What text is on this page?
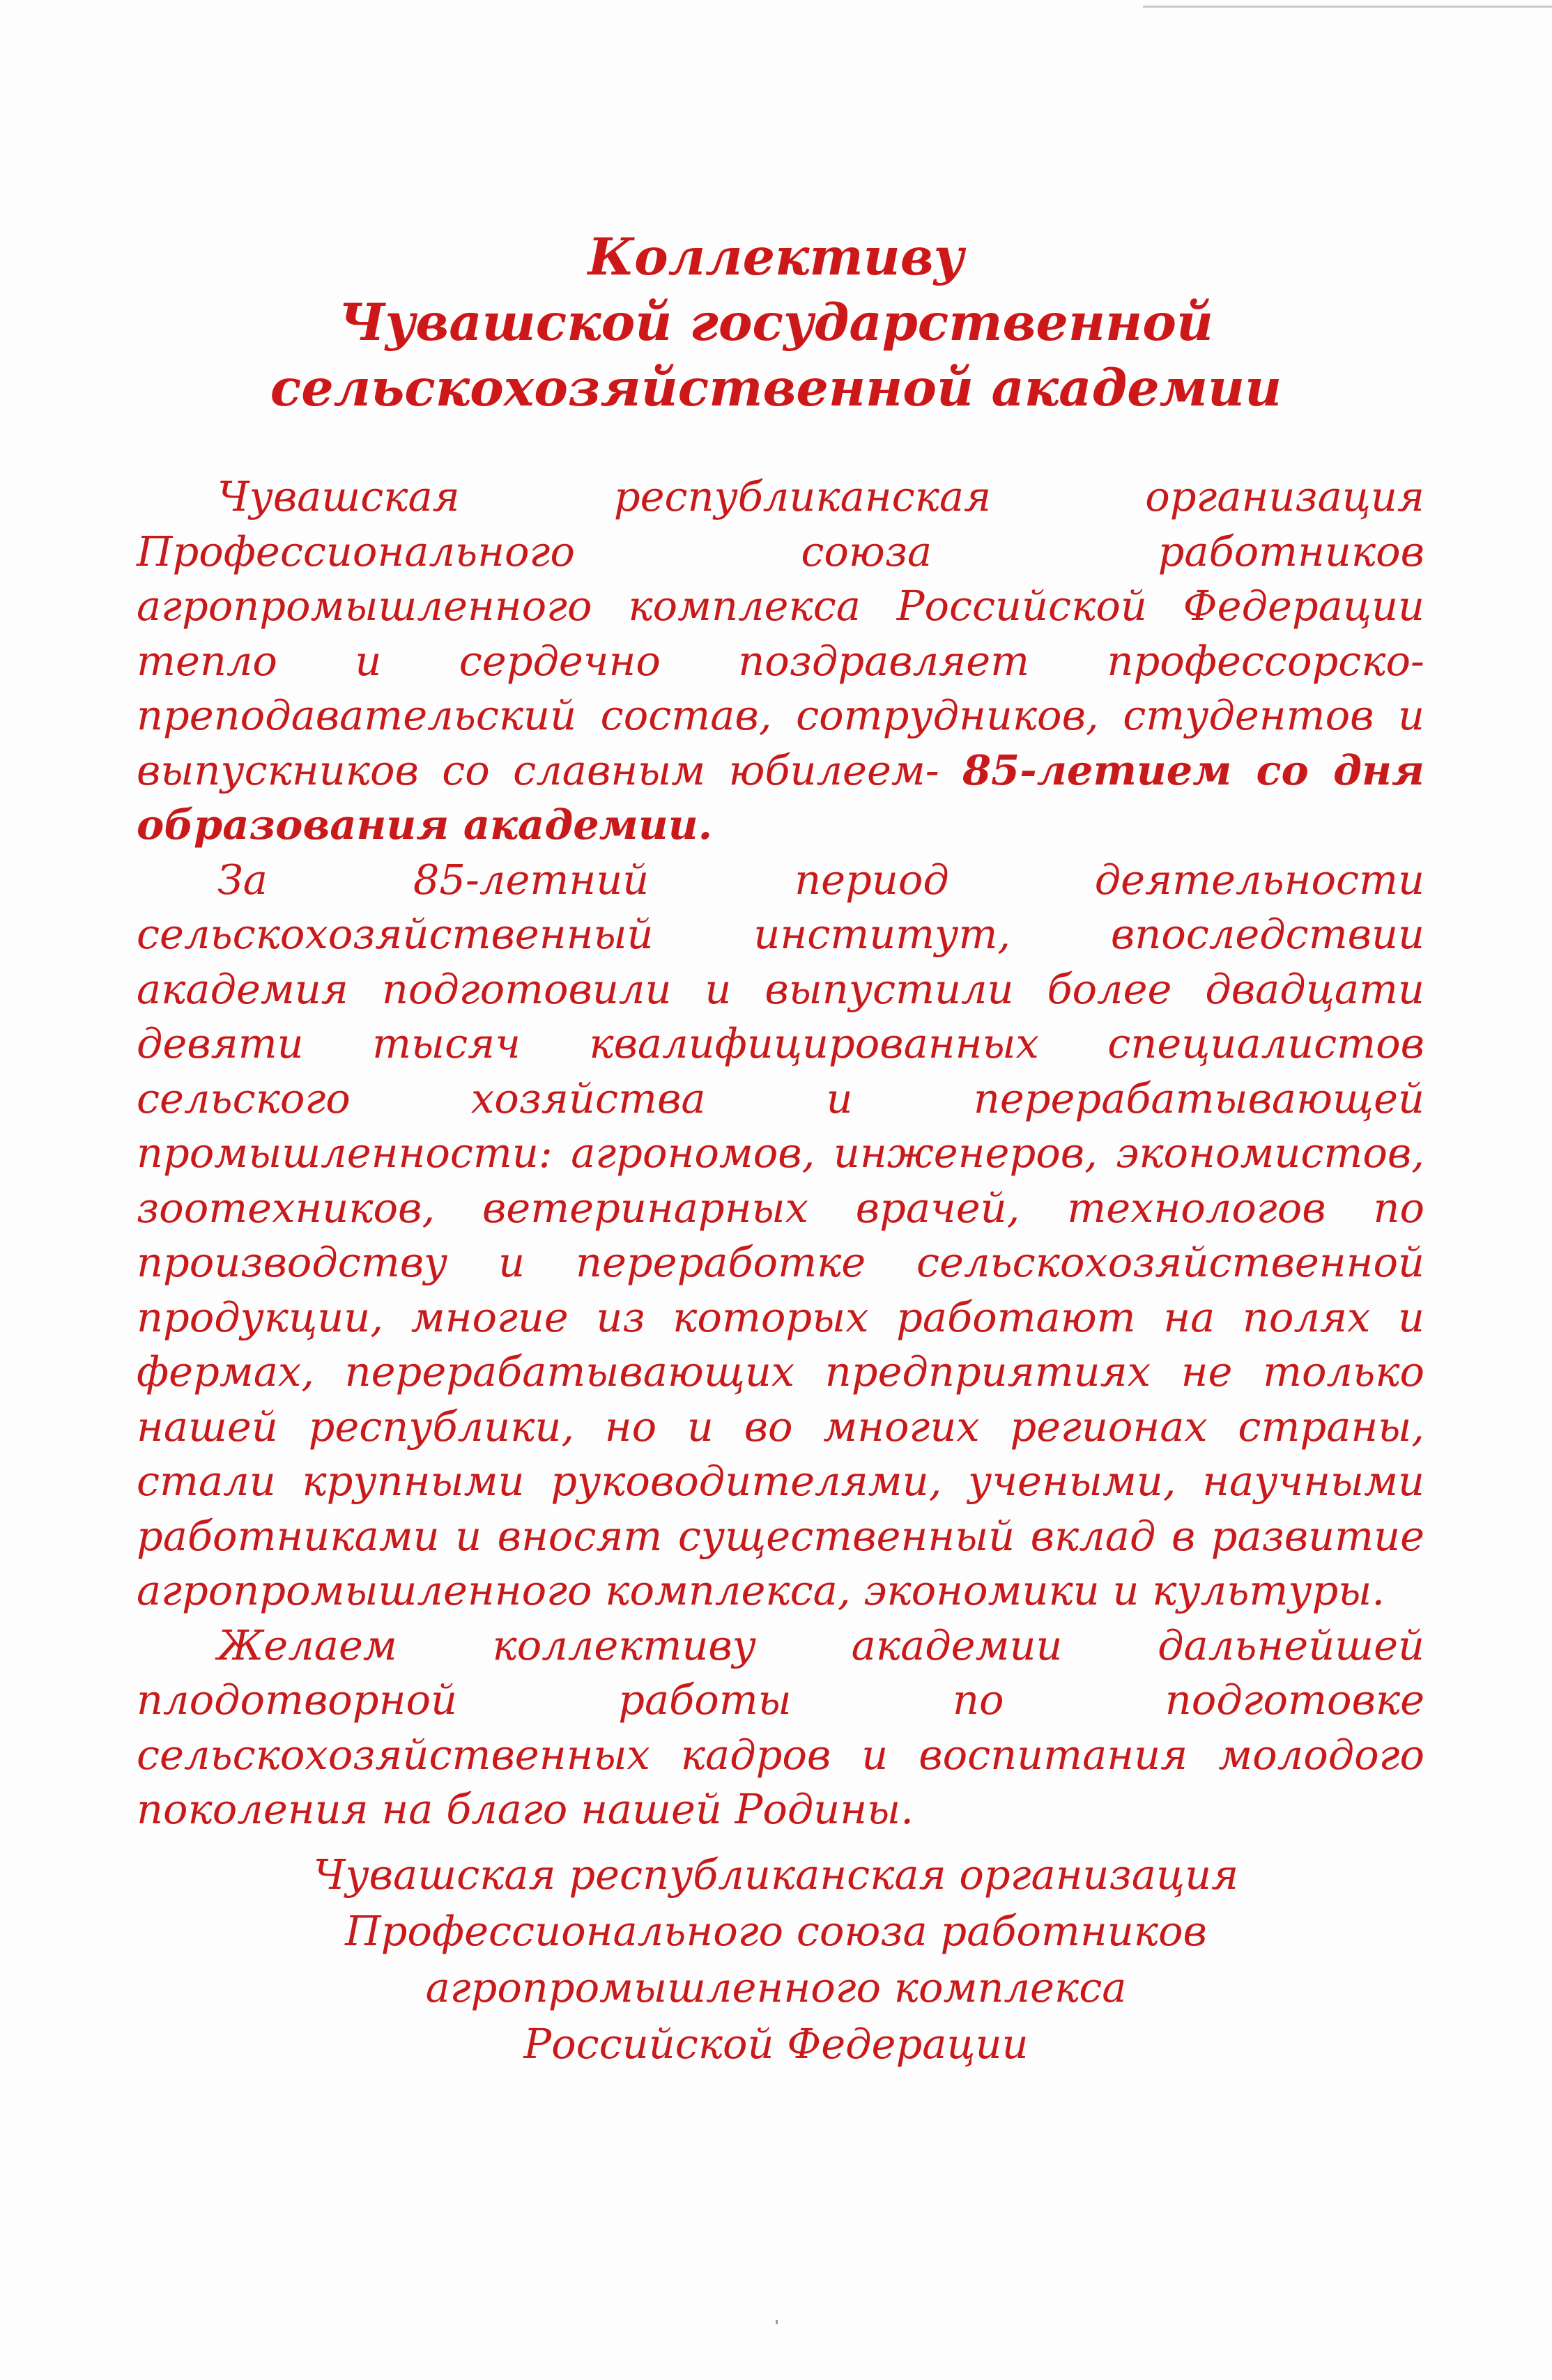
Коллективу
Чувашской государственной
сельскохозяйственной академии

Чувашская республиканская организация Профессионального союза работников агропромышленного комплекса Российской Федерации тепло и сердечно поздравляет профессорско-преподавательский состав, сотрудников, студентов и выпускников со славным юбилеем- 85-летием со дня образования академии.

За 85-летний период деятельности сельскохозяйственный институт, впоследствии академия подготовили и выпустили более двадцати девяти тысяч квалифицированных специалистов сельского хозяйства и перерабатывающей промышленности: агрономов, инженеров, экономистов, зоотехников, ветеринарных врачей, технологов по производству и переработке сельскохозяйственной продукции, многие из которых работают на полях и фермах, перерабатывающих предприятиях не только нашей республики, но и во многих регионах страны, стали крупными руководителями, учеными, научными работниками и вносят существенный вклад в развитие агропромышленного комплекса, экономики и культуры.

Желаем коллективу академии дальнейшей плодотворной работы по подготовке сельскохозяйственных кадров и воспитания молодого поколения на благо нашей Родины.

Чувашская республиканская организация
Профессионального союза работников
агропромышленного комплекса
Российской Федерации
